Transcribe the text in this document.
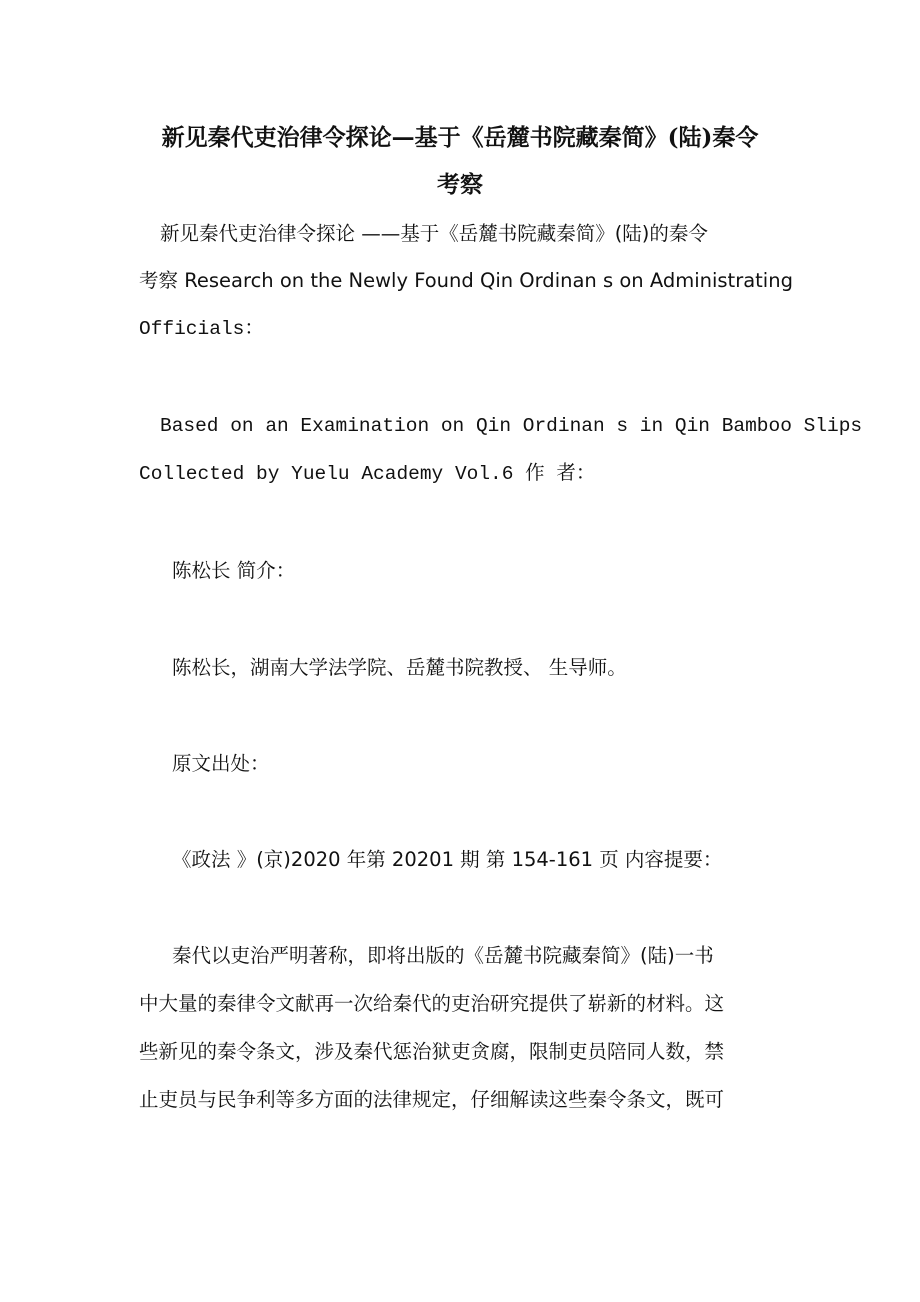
新见秦代吏治律令探论—基于《岳麓书院藏秦简》(陆)秦令
考察
新见秦代吏治律令探论 ——基于《岳麓书院藏秦简》(陆)的秦令
考察 Research on the Newly Found Qin Ordinan s on Administrating
Officials：
Based on an Examination on Qin Ordinan s in Qin Bamboo Slips
Collected by Yuelu Academy Vol.6 作 者：
陈松长 简介：
陈松长，湖南大学法学院、岳麓书院教授、 生导师。
原文出处：
《政法 》(京)2020 年第 20201 期 第 154-161 页 内容提要：
秦代以吏治严明著称，即将出版的《岳麓书院藏秦简》(陆)一书
中大量的秦律令文献再一次给秦代的吏治研究提供了崭新的材料。这
些新见的秦令条文，涉及秦代惩治狱吏贪腐，限制吏员陪同人数，禁
止吏员与民争利等多方面的法律规定，仔细解读这些秦令条文，既可
